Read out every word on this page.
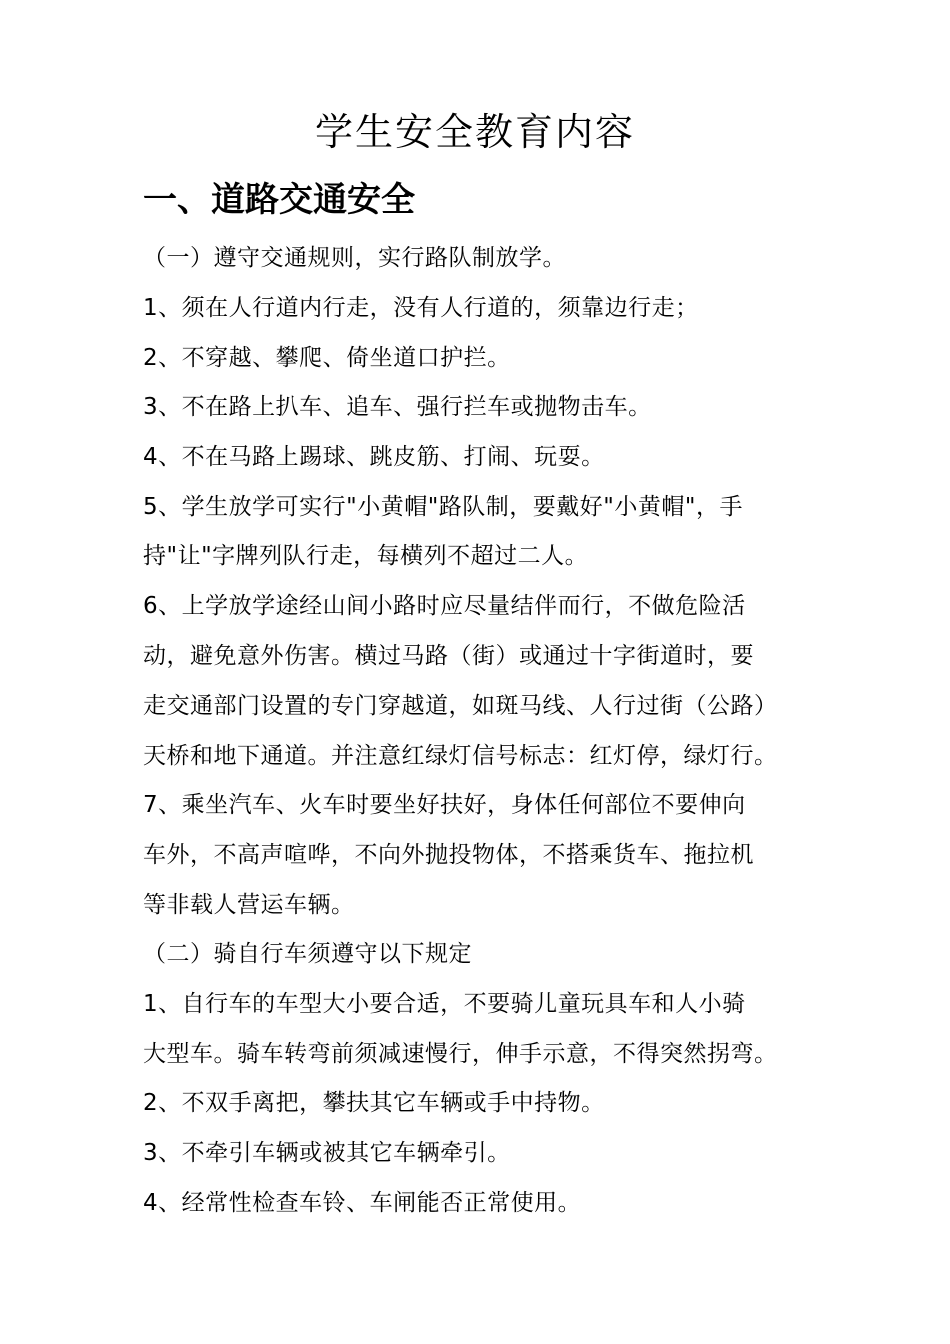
学生安全教育内容
一、道路交通安全

（一）遵守交通规则，实行路队制放学。

1、须在人行道内行走，没有人行道的，须靠边行走；

2、不穿越、攀爬、倚坐道口护拦。

3、不在路上扒车、追车、强行拦车或抛物击车。

4、不在马路上踢球、跳皮筋、打闹、玩耍。

5、学生放学可实行"小黄帽"路队制，要戴好"小黄帽"，手

持"让"字牌列队行走，每横列不超过二人。

6、上学放学途经山间小路时应尽量结伴而行，不做危险活

动，避免意外伤害。横过马路（街）或通过十字街道时，要

走交通部门设置的专门穿越道，如斑马线、人行过街（公路）

天桥和地下通道。并注意红绿灯信号标志：红灯停，绿灯行。

7、乘坐汽车、火车时要坐好扶好，身体任何部位不要伸向

车外，不高声喧哗，不向外抛投物体，不搭乘货车、拖拉机

等非载人营运车辆。

（二）骑自行车须遵守以下规定

1、自行车的车型大小要合适，不要骑儿童玩具车和人小骑

大型车。骑车转弯前须减速慢行，伸手示意，不得突然拐弯。

2、不双手离把，攀扶其它车辆或手中持物。

3、不牵引车辆或被其它车辆牵引。

4、经常性检查车铃、车闸能否正常使用。
